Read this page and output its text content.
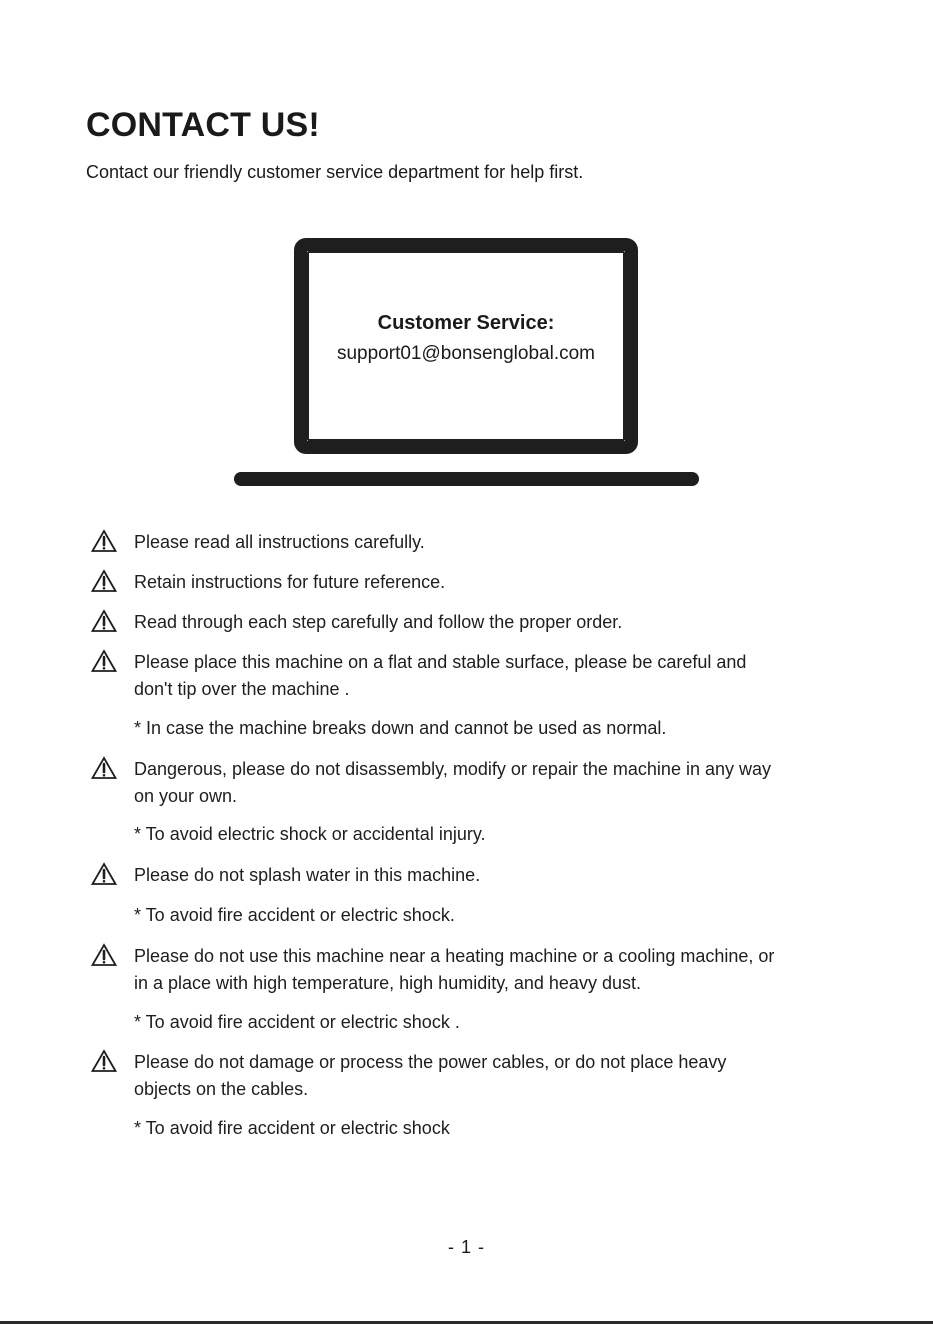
CONTACT US!
Contact our friendly customer service department for help first.
Customer Service:
support01@bonsenglobal.com
Please read all instructions carefully.
Retain instructions for future reference.
Read through each step carefully and follow the proper order.
Please place this machine on a flat and stable surface, please be careful and
don't tip over the machine .
* In case the machine breaks down and cannot be used as normal.
Dangerous, please do not disassembly, modify or repair the machine in any way
on your own.
* To avoid electric shock or accidental injury.
Please do not splash water in this machine.
* To avoid fire accident or electric shock.
Please do not use this machine near a heating machine or a cooling machine, or
in a place with high temperature, high humidity, and heavy dust.
* To avoid fire accident or electric shock .
Please do not damage or process the power cables, or do not place heavy
objects on the cables.
* To avoid fire accident or electric shock
- 1 -
